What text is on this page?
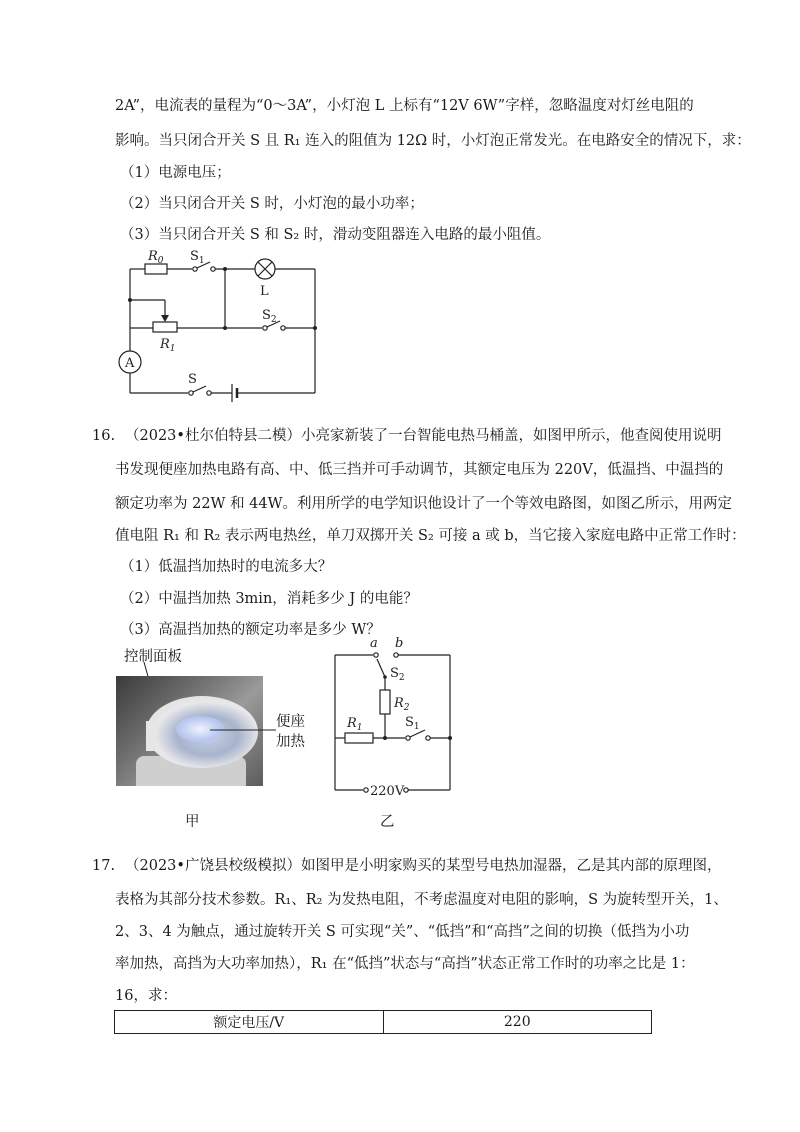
2A”，电流表的量程为“0～3A”，小灯泡 L 上标有“12V 6W”字样，忽略温度对灯丝电阻的
影响。当只闭合开关 S 且 R₁ 连入的阻值为 12Ω 时，小灯泡正常发光。在电路安全的情况下，求：
（1）电源电压；
（2）当只闭合开关 S 时，小灯泡的最小功率；
（3）当只闭合开关 S 和 S₂ 时，滑动变阻器连入电路的最小阻值。
$R_0$ $S_1$
L
$R_1$
$S_2$
A
S
16. （2023•杜尔伯特县二模）小亮家新装了一台智能电热马桶盖，如图甲所示，他查阅使用说明
书发现便座加热电路有高、中、低三挡并可手动调节，其额定电压为 220V，低温挡、中温挡的
额定功率为 22W 和 44W。利用所学的电学知识他设计了一个等效电路图，如图乙所示，用两定
值电阻 R₁ 和 R₂ 表示两电热丝，单刀双掷开关 S₂ 可接 a 或 b，当它接入家庭电路中正常工作时：
（1）低温挡加热时的电流多大？
（2）中温挡加热 3min，消耗多少 J 的电能？
（3）高温挡加热的额定功率是多少 W？
控制面板
便座
加热
甲
a b
$S_2$
$R_2$
$R_1$	$S_1$
220V
乙
17. （2023•广饶县校级模拟）如图甲是小明家购买的某型号电热加湿器，乙是其内部的原理图，
表格为其部分技术参数。R₁、R₂ 为发热电阻，不考虑温度对电阻的影响，S 为旋转型开关，1、
2、3、4 为触点，通过旋转开关 S 可实现“关”、“低挡”和“高挡”之间的切换（低挡为小功
率加热，高挡为大功率加热），R₁ 在“低挡”状态与“高挡”状态正常工作时的功率之比是 1：
16，求：
额定电压/V	220
